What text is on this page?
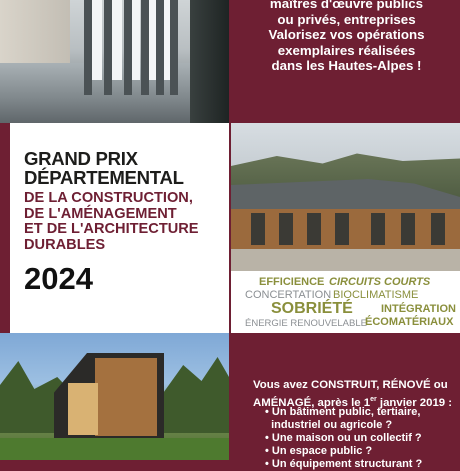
maîtres d'œuvre publics

ou privés, entreprises

Valorisez vos opérations

exemplaires réalisées

dans les Hautes-Alpes !

GRAND PRIX
DÉPARTEMENTAL
DE LA CONSTRUCTION,
DE L'AMÉNAGEMENT
ET DE L'ARCHITECTURE
DURABLES
2024	EFFICIENCE CIRCUITS COURTS
CONCERTATION BIOCLIMATISME
SOBRIÉTÉ	INTÉGRATION
ÉNERGIE RENOUVELABLE
ÉCOMATÉRIAUX
Vous avez CONSTRUIT, RÉNOVÉ ou
AMÉNAGÉ, après le 1er janvier 2019 :
• Un bâtiment public, tertiaire,
industriel ou agricole ?
• Une maison ou un collectif ?
• Un espace public ?
• Un équipement structurant ?
